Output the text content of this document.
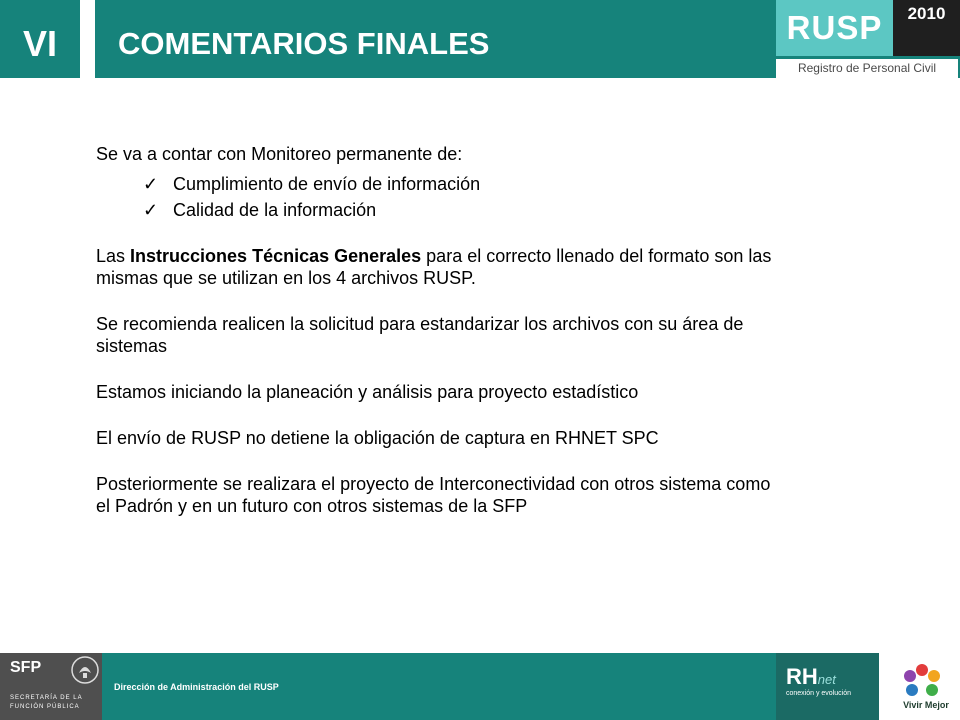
VI	COMENTARIOS FINALES	RUSP	2010
Registro de Personal Civil

Se va a contar con Monitoreo permanente de:

✓ Cumplimiento de envío de información
✓ Calidad de la información

Las Instrucciones Técnicas Generales para el correcto llenado del formato son las mismas que se utilizan en los 4 archivos RUSP.

Se recomienda realicen la solicitud para estandarizar los archivos con su área de sistemas

Estamos iniciando la planeación y análisis para proyecto estadístico

El envío de RUSP no detiene la obligación de captura en RHNET SPC

Posteriormente se realizara el proyecto de Interconectividad con otros sistema como el Padrón y en un futuro con otros sistemas de la SFP

SFP
SECRETARÍA DE LA
FUNCIÓN PÚBLICA
Dirección de Administración del RUSP	RHnet
conexión y evolución
Vivir Mejor
